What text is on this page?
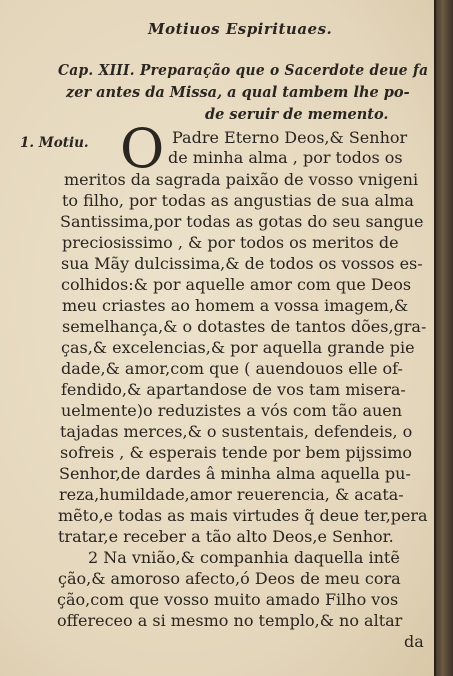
Motiuos Espirituaes.
Cap. XIII. Preparação que o Sacerdote deue fa
zer antes da Missa, a qual tambem lhe po-
de seruir de memento.
1. Motiu. O Padre Eterno Deos,& Senhor
de minha alma , por todos os
meritos da sagrada paixão de vosso vnigeni
to filho, por todas as angustias de sua alma
Santissima,por todas as gotas do seu sangue
preciosissimo , & por todos os meritos de
sua Mãy dulcissima,& de todos os vossos es-
colhidos:& por aquelle amor com que Deos
meu criastes ao homem a vossa imagem,&
semelhança,& o dotastes de tantos dões,gra-
ças,& excelencias,& por aquella grande pie
dade,& amor,com que ( auendouos elle of-
fendido,& apartandose de vos tam misera-
uelmente)o reduzistes a vós com tão auen
tajadas merces,& o sustentais, defendeis, o
sofreis , & esperais tende por bem pijssimo
Senhor,de dardes â minha alma aquella pu-
reza,humildade,amor reuerencia, & acata-
mẽto,e todas as mais virtudes q̃ deue ter,pera
tratar,e receber a tão alto Deos,e Senhor.
2 Na vnião,& companhia daquella intẽ
ção,& amoroso afecto,ó Deos de meu cora
ção,com que vosso muito amado Filho vos
offereceo a si mesmo no templo,& no altar
da
